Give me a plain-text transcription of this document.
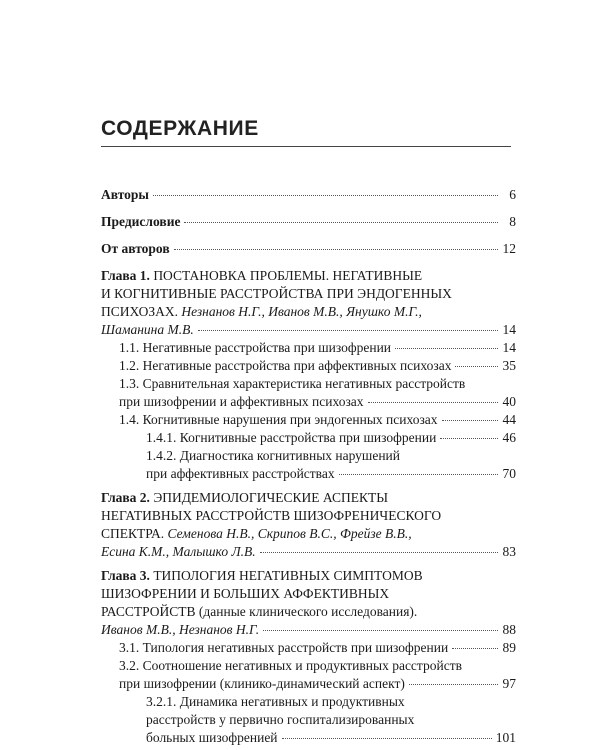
СОДЕРЖАНИЕ
Авторы	6
Предисловие	8
От авторов	12
Глава 1. ПОСТАНОВКА ПРОБЛЕМЫ. НЕГАТИВНЫЕ
И КОГНИТИВНЫЕ РАССТРОЙСТВА ПРИ ЭНДОГЕННЫХ
ПСИХОЗАХ. Незнанов Н.Г., Иванов М.В., Янушко М.Г.,
Шаманина М.В.	14
1.1. Негативные расстройства при шизофрении	14
1.2. Негативные расстройства при аффективных психозах	35
1.3. Сравнительная характеристика негативных расстройств
при шизофрении и аффективных психозах	40
1.4. Когнитивные нарушения при эндогенных психозах	44
1.4.1. Когнитивные расстройства при шизофрении	46
1.4.2. Диагностика когнитивных нарушений
при аффективных расстройствах	70
Глава 2. ЭПИДЕМИОЛОГИЧЕСКИЕ АСПЕКТЫ
НЕГАТИВНЫХ РАССТРОЙСТВ ШИЗОФРЕНИЧЕСКОГО
СПЕКТРА. Семенова Н.В., Скрипов В.С., Фрейзе В.В.,
Есина К.М., Малышко Л.В.	83
Глава 3. ТИПОЛОГИЯ НЕГАТИВНЫХ СИМПТОМОВ
ШИЗОФРЕНИИ И БОЛЬШИХ АФФЕКТИВНЫХ
РАССТРОЙСТВ (данные клинического исследования).
Иванов М.В., Незнанов Н.Г.	88
3.1. Типология негативных расстройств при шизофрении	89
3.2. Соотношение негативных и продуктивных расстройств
при шизофрении (клинико-динамический аспект)	97
3.2.1. Динамика негативных и продуктивных
расстройств у первично госпитализированных
больных шизофренией	101
